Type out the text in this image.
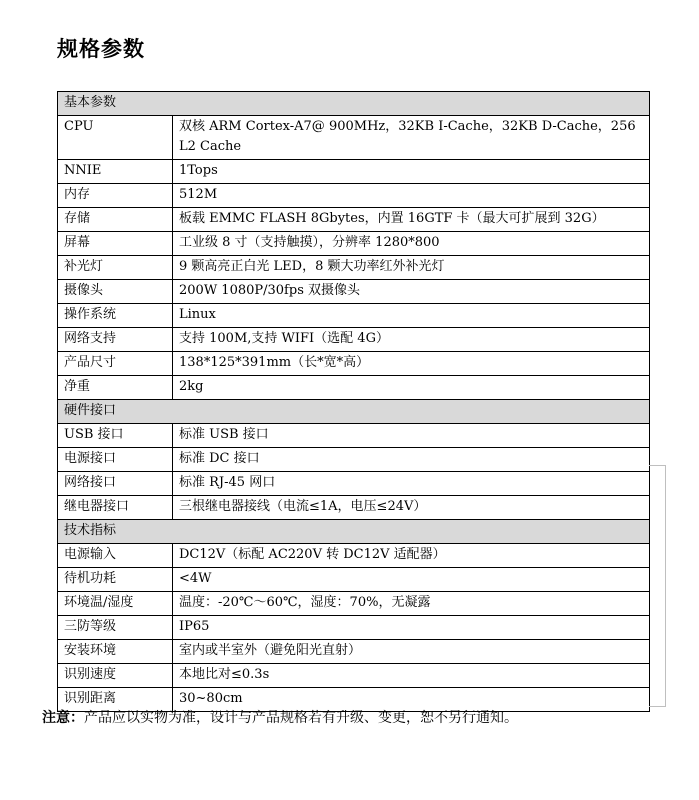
规格参数
基本参数	
CPU	双核 ARM Cortex-A7@ 900MHz，32KB I-Cache，32KB D-Cache，256 L2 Cache
NNIE	1Tops
内存	512M
存储	板载 EMMC FLASH 8Gbytes，内置 16GTF 卡（最大可扩展到 32G）
屏幕	工业级 8 寸（支持触摸），分辨率 1280*800
补光灯	9 颗高亮正白光 LED，8 颗大功率红外补光灯
摄像头	200W 1080P/30fps 双摄像头
操作系统	Linux
网络支持	支持 100M,支持 WIFI（选配 4G）
产品尺寸	138*125*391mm（长*宽*高）
净重	2kg
硬件接口	
USB 接口	标准 USB 接口
电源接口	标准 DC 接口
网络接口	标准 RJ-45 网口
继电器接口	三根继电器接线（电流≤1A，电压≤24V）
技术指标	
电源输入	DC12V（标配 AC220V 转 DC12V 适配器）
待机功耗	<4W
环境温/湿度	温度：-20℃～60℃，湿度：70%，无凝露
三防等级	IP65
安装环境	室内或半室外（避免阳光直射）
识别速度	本地比对≤0.3s
识别距离	30~80cm
注意：产品应以实物为准，设计与产品规格若有升级、变更，恕不另行通知。
